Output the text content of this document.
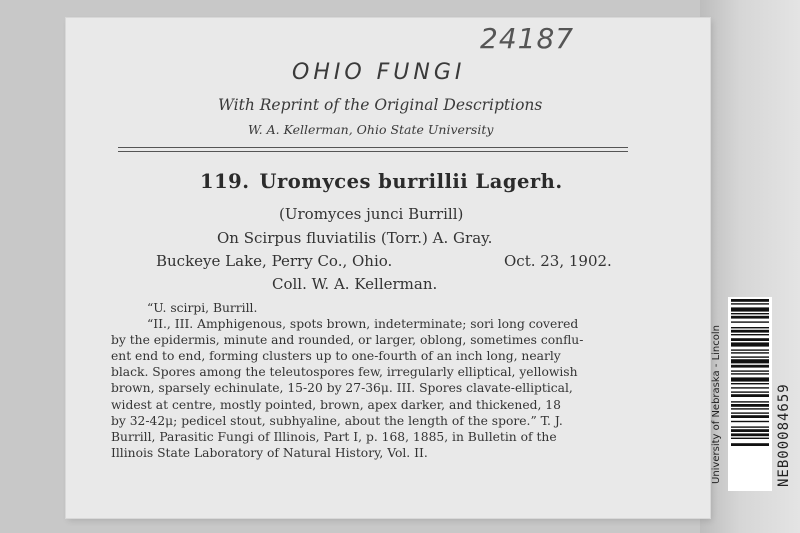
24187
OHIO FUNGI
With Reprint of the Original Descriptions
W. A. Kellerman, Ohio State University
119. Uromyces burrillii Lagerh.
(Uromyces junci Burrill)
On Scirpus fluviatilis (Torr.) A. Gray.
Buckeye Lake, Perry Co., Ohio.	Oct. 23, 1902.
Coll. W. A. Kellerman.
“U. scirpi, Burrill.
“II., III. Amphigenous, spots brown, indeterminate; sori long covered
by the epidermis, minute and rounded, or larger, oblong, sometimes conflu-
ent end to end, forming clusters up to one-fourth of an inch long, nearly
black. Spores among the teleutospores few, irregularly elliptical, yellowish
brown, sparsely echinulate, 15-20 by 27-36μ. III. Spores clavate-elliptical,
widest at centre, mostly pointed, brown, apex darker, and thickened, 18
by 32-42μ; pedicel stout, subhyaline, about the length of the spore.” T. J.
Burrill, Parasitic Fungi of Illinois, Part I, p. 168, 1885, in Bulletin of the
Illinois State Laboratory of Natural History, Vol. II.	University of Nebraska - Lincoln	NEB00084659
